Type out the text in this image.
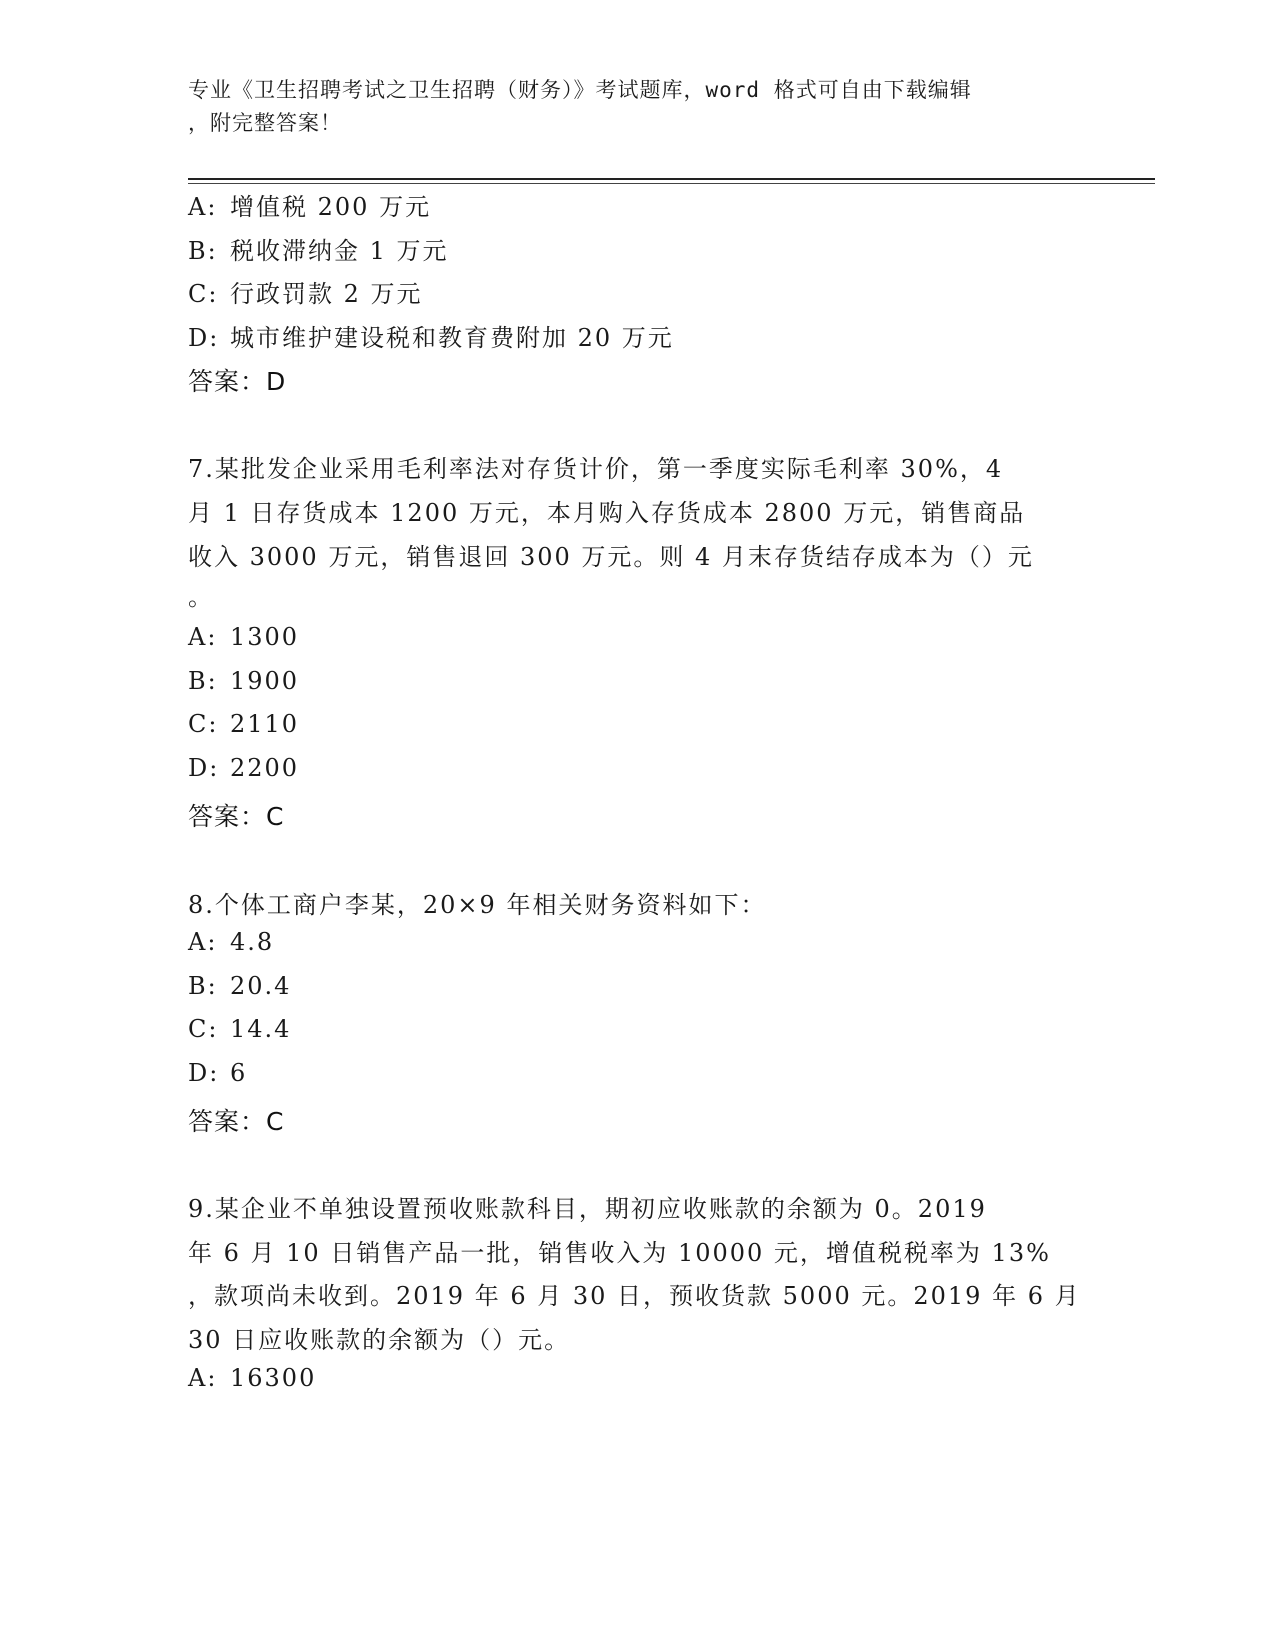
专业《卫生招聘考试之卫生招聘（财务）》考试题库，word 格式可自由下载编辑
，附完整答案！
A: 增值税 200 万元
B: 税收滞纳金 1 万元
C: 行政罚款 2 万元
D: 城市维护建设税和教育费附加 20 万元
答案：D
7.某批发企业采用毛利率法对存货计价，第一季度实际毛利率 30%，4
月 1 日存货成本 1200 万元，本月购入存货成本 2800 万元，销售商品
收入 3000 万元，销售退回 300 万元。则 4 月末存货结存成本为（）元
。
A: 1300
B: 1900
C: 2110
D: 2200
答案：C
8.个体工商户李某，20×9 年相关财务资料如下：
A: 4.8
B: 20.4
C: 14.4
D: 6
答案：C
9.某企业不单独设置预收账款科目，期初应收账款的余额为 0。2019
年 6 月 10 日销售产品一批，销售收入为 10000 元，增值税税率为 13%
，款项尚未收到。2019 年 6 月 30 日，预收货款 5000 元。2019 年 6 月
30 日应收账款的余额为（）元。
A: 16300
